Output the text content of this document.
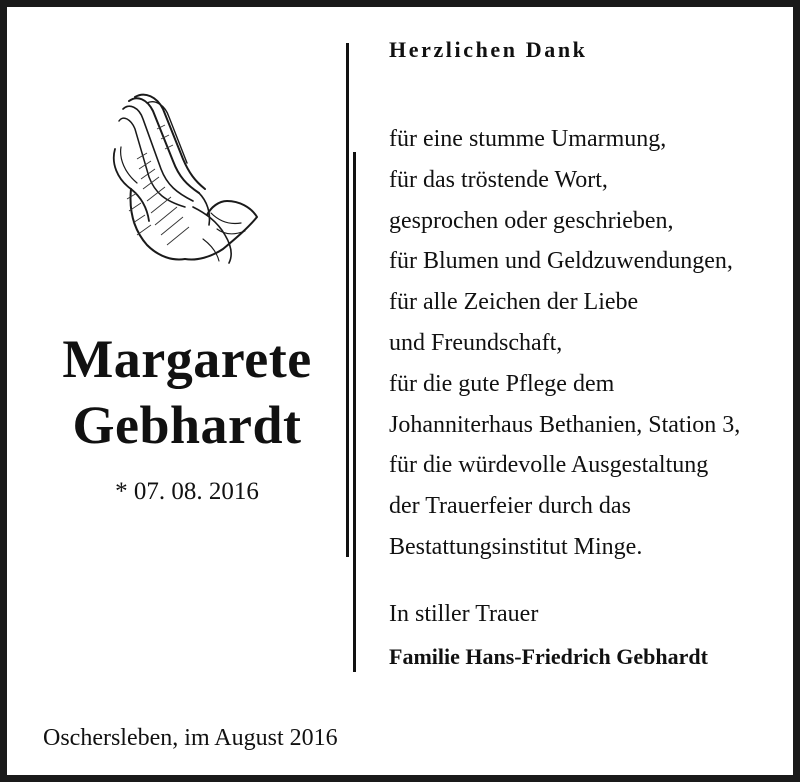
Margarete
Gebhardt
* 07. 08. 2016
Herzlichen Dank
für eine stumme Umarmung,
für das tröstende Wort,
gesprochen oder geschrieben,
für Blumen und Geldzuwendungen,
für alle Zeichen der Liebe
und Freundschaft,
für die gute Pflege dem
Johanniterhaus Bethanien, Station 3,
für die würdevolle Ausgestaltung
der Trauerfeier durch das
Bestattungsinstitut Minge.
In stiller Trauer
Familie Hans-Friedrich Gebhardt
Oschersleben, im August 2016
